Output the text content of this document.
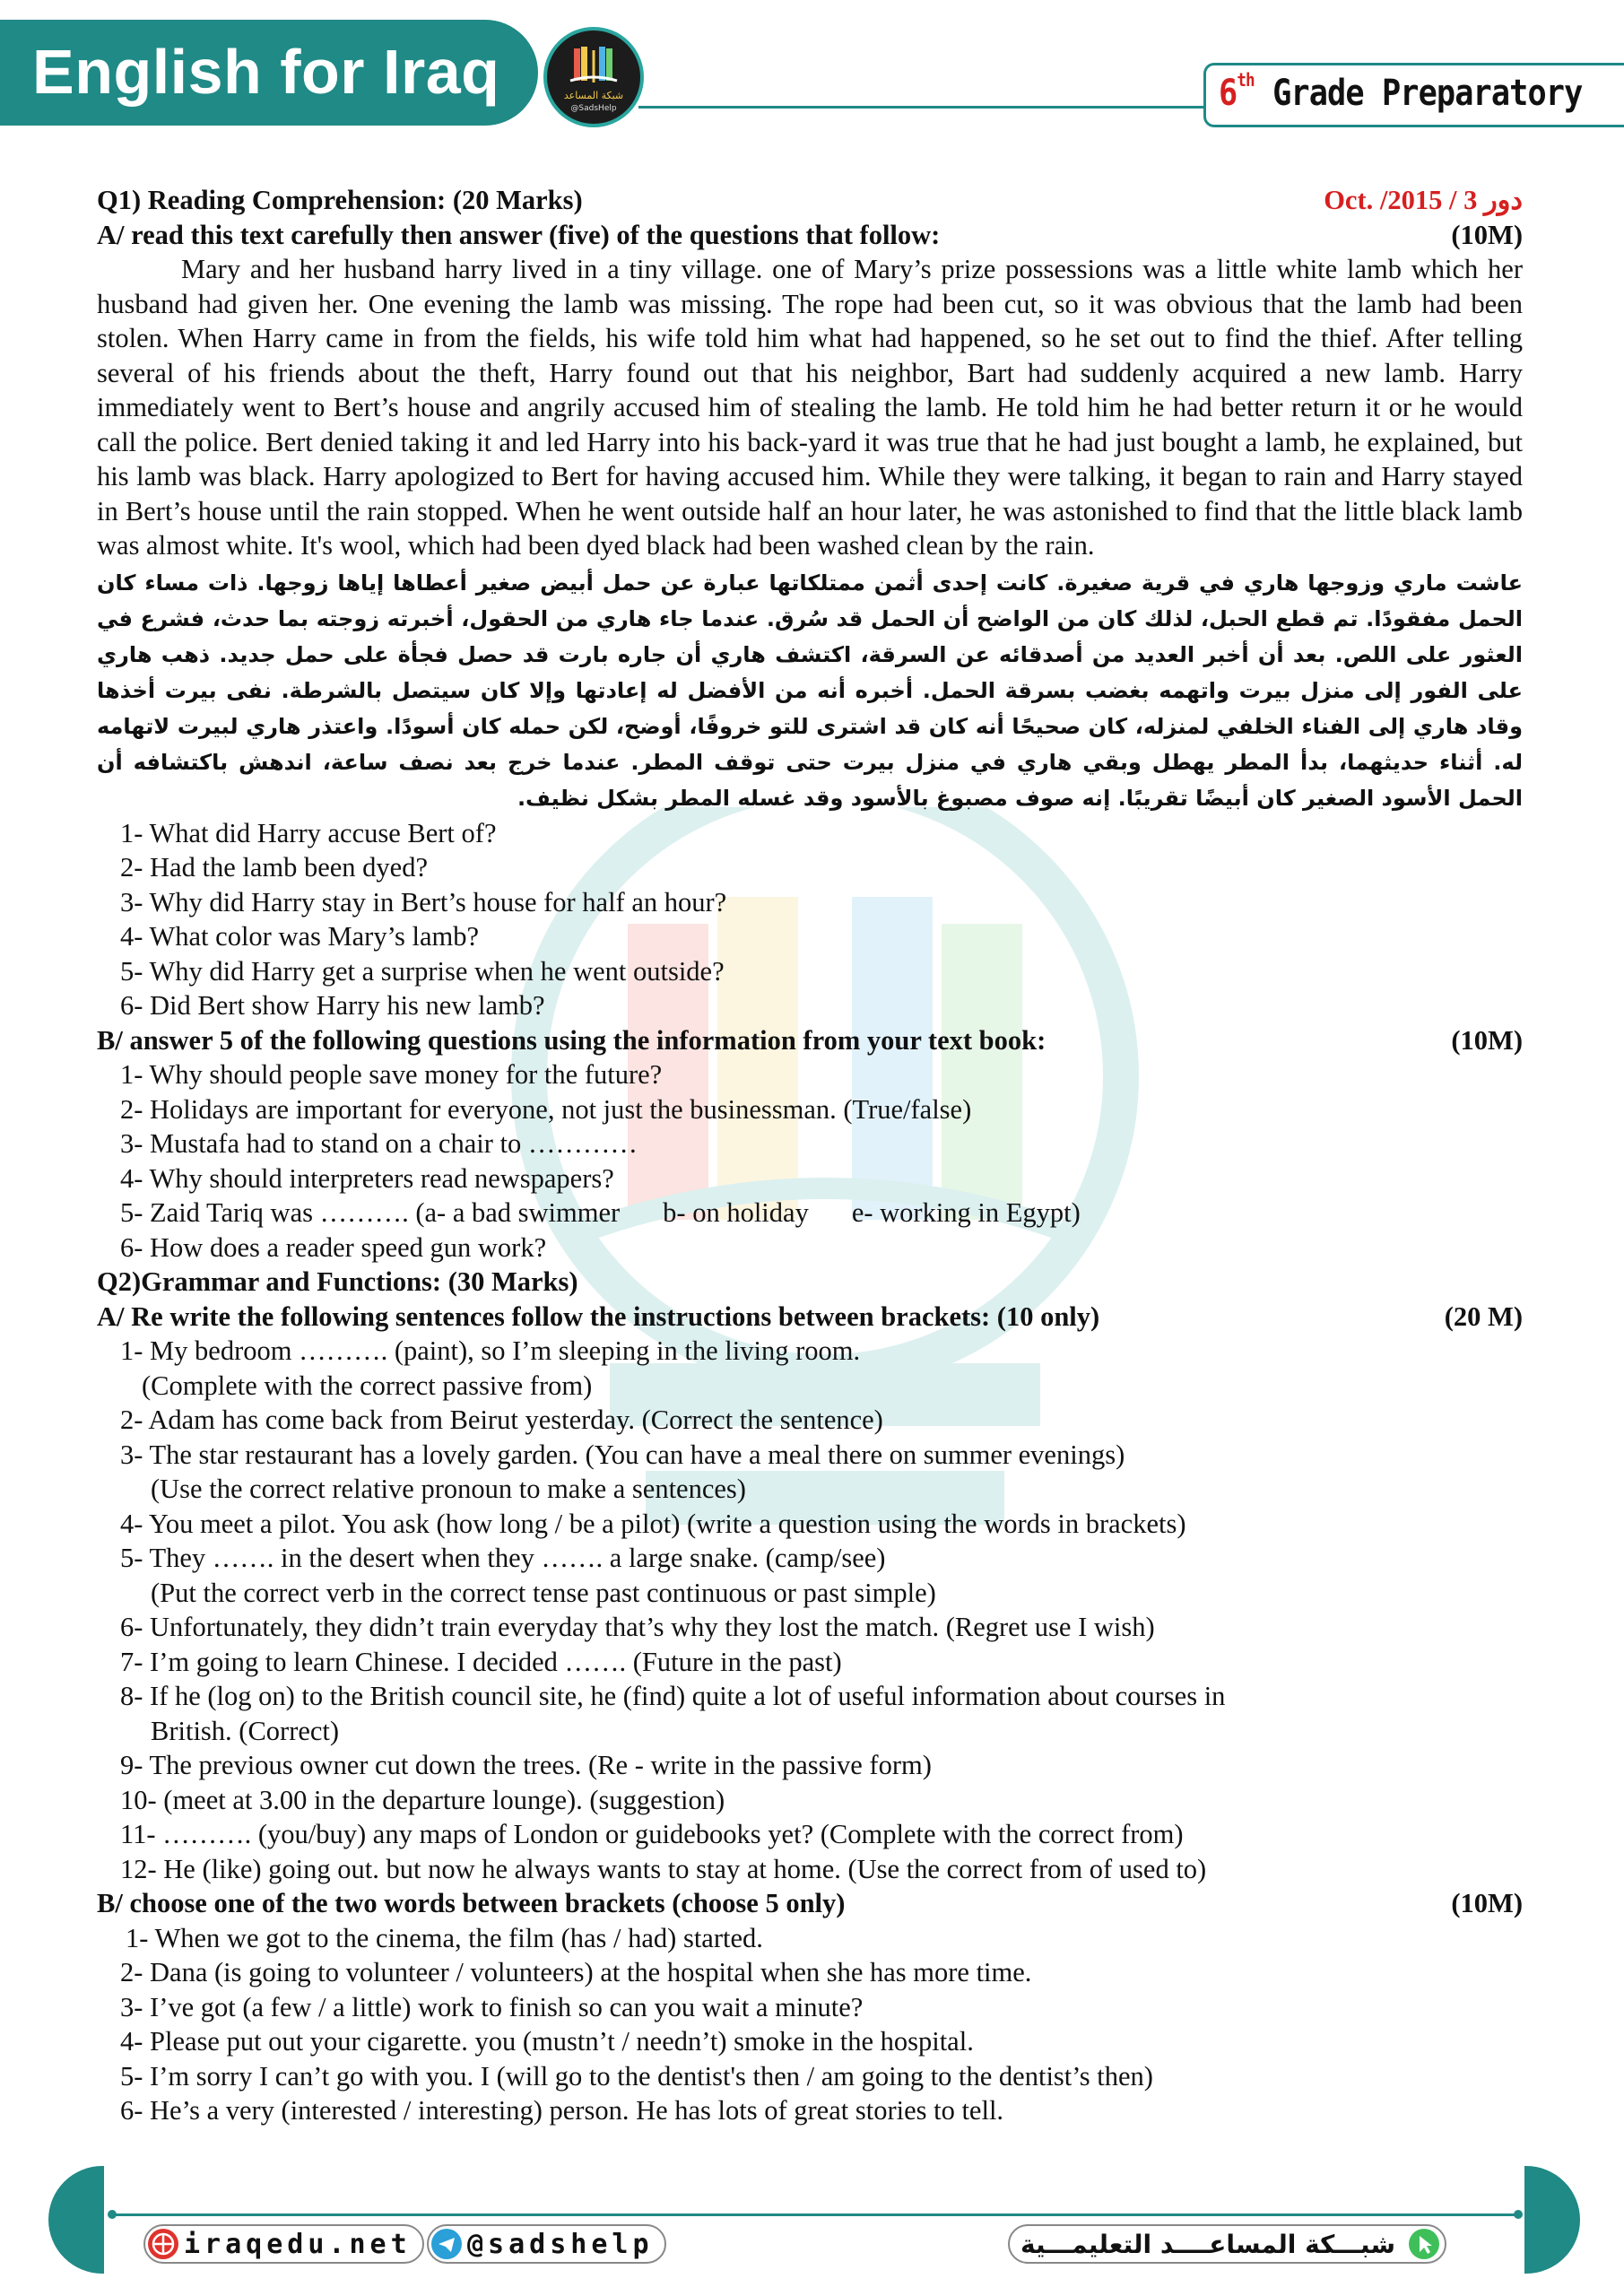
English for Iraq	شبكة المساعد
@SadsHelp	6th Grade Preparatory
Q1) Reading Comprehension: (20 Marks)	Oct. /2015 / 3 دور
A/ read this text carefully then answer (five) of the questions that follow:	(10M)

Mary and her husband harry lived in a tiny village. one of Mary’s prize possessions was a little white lamb which her husband had given her. One evening the lamb was missing. The rope had been cut, so it was obvious that the lamb had been stolen. When Harry came in from the fields, his wife told him what had happened, so he set out to find the thief. After telling several of his friends about the theft, Harry found out that his neighbor, Bart had suddenly acquired a new lamb. Harry immediately went to Bert’s house and angrily accused him of stealing the lamb. He told him he had better return it or he would call the police. Bert denied taking it and led Harry into his back-yard it was true that he had just bought a lamb, he explained, but his lamb was black. Harry apologized to Bert for having accused him. While they were talking, it began to rain and Harry stayed in Bert’s house until the rain stopped. When he went outside half an hour later, he was astonished to find that the little black lamb was almost white. It's wool, which had been dyed black had been washed clean by the rain.

عاشت ماري وزوجها هاري في قرية صغيرة. كانت إحدى أثمن ممتلكاتها عبارة عن حمل أبيض صغير أعطاها إياها زوجها. ذات مساء كان الحمل مفقودًا. تم قطع الحبل، لذلك كان من الواضح أن الحمل قد سُرق. عندما جاء هاري من الحقول، أخبرته زوجته بما حدث، فشرع في العثور على اللص. بعد أن أخبر العديد من أصدقائه عن السرقة، اكتشف هاري أن جاره بارت قد حصل فجأة على حمل جديد. ذهب هاري على الفور إلى منزل بيرت واتهمه بغضب بسرقة الحمل. أخبره أنه من الأفضل له إعادتها وإلا كان سيتصل بالشرطة. نفى بيرت أخذها وقاد هاري إلى الفناء الخلفي لمنزله، كان صحيحًا أنه كان قد اشترى للتو خروفًا، أوضح، لكن حمله كان أسودًا. واعتذر هاري لبيرت لاتهامه له. أثناء حديثهما، بدأ المطر يهطل وبقي هاري في منزل بيرت حتى توقف المطر. عندما خرج بعد نصف ساعة، اندهش باكتشافه أن الحمل الأسود الصغير كان أبيضًا تقريبًا. إنه صوف مصبوغ بالأسود وقد غسله المطر بشكل نظيف.

1- What did Harry accuse Bert of?
2- Had the lamb been dyed?
3- Why did Harry stay in Bert’s house for half an hour?
4- What color was Mary’s lamb?
5- Why did Harry get a surprise when he went outside?
6- Did Bert show Harry his new lamb?
B/ answer 5 of the following questions using the information from your text book:	(10M)
1- Why should people save money for the future?
2- Holidays are important for everyone, not just the businessman. (True/false)
3- Mustafa had to stand on a chair to …………
4- Why should interpreters read newspapers?
5- Zaid Tariq was ………. (a- a bad swimmer b- on holiday e- working in Egypt)
6- How does a reader speed gun work?
Q2)Grammar and Functions: (30 Marks)
A/ Re write the following sentences follow the instructions between brackets: (10 only)	(20 M)
1- My bedroom ………. (paint), so I’m sleeping in the living room.
(Complete with the correct passive from)
2- Adam has come back from Beirut yesterday. (Correct the sentence)
3- The star restaurant has a lovely garden. (You can have a meal there on summer evenings)
(Use the correct relative pronoun to make a sentences)
4- You meet a pilot. You ask (how long / be a pilot) (write a question using the words in brackets)
5- They ……. in the desert when they ……. a large snake. (camp/see)
(Put the correct verb in the correct tense past continuous or past simple)
6- Unfortunately, they didn’t train everyday that’s why they lost the match. (Regret use I wish)
7- I’m going to learn Chinese. I decided ……. (Future in the past)
8- If he (log on) to the British council site, he (find) quite a lot of useful information about courses in
British. (Correct)
9- The previous owner cut down the trees. (Re - write in the passive form)
10- (meet at 3.00 in the departure lounge). (suggestion)
11- ………. (you/buy) any maps of London or guidebooks yet? (Complete with the correct from)
12- He (like) going out. but now he always wants to stay at home. (Use the correct from of used to)
B/ choose one of the two words between brackets (choose 5 only)	(10M)
1- When we got to the cinema, the film (has / had) started.
2- Dana (is going to volunteer / volunteers) at the hospital when she has more time.
3- I’ve got (a few / a little) work to finish so can you wait a minute?
4- Please put out your cigarette. you (mustn’t / needn’t) smoke in the hospital.
5- I’m sorry I can’t go with you. I (will go to the dentist's then / am going to the dentist’s then)
6- He’s a very (interested / interesting) person. He has lots of great stories to tell.
iraqedu.net	@sadshelp	شبـــكة المساعــــد التعليمـــية
